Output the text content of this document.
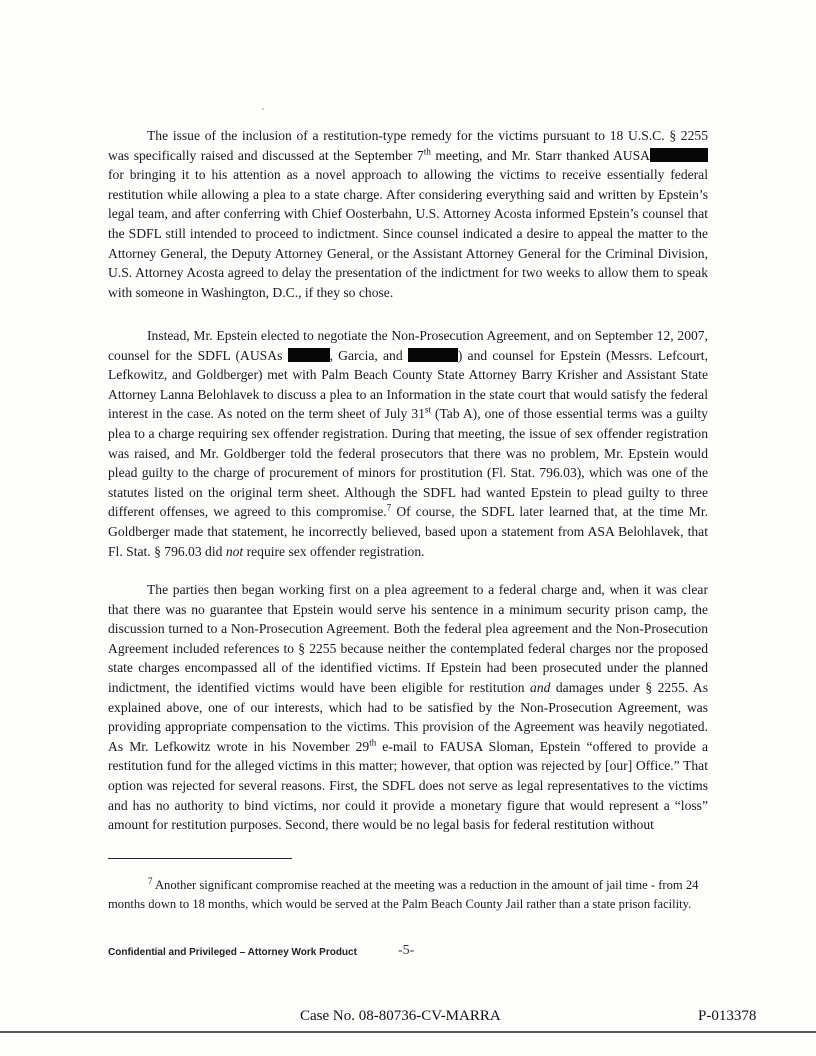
The issue of the inclusion of a restitution-type remedy for the victims pursuant to 18 U.S.C. § 2255 was specifically raised and discussed at the September 7th meeting, and Mr. Starr thanked AUSA for bringing it to his attention as a novel approach to allowing the victims to receive essentially federal restitution while allowing a plea to a state charge. After considering everything said and written by Epstein’s legal team, and after conferring with Chief Oosterbahn, U.S. Attorney Acosta informed Epstein’s counsel that the SDFL still intended to proceed to indictment. Since counsel indicated a desire to appeal the matter to the Attorney General, the Deputy Attorney General, or the Assistant Attorney General for the Criminal Division, U.S. Attorney Acosta agreed to delay the presentation of the indictment for two weeks to allow them to speak with someone in Washington, D.C., if they so chose.

Instead, Mr. Epstein elected to negotiate the Non-Prosecution Agreement, and on September 12, 2007, counsel for the SDFL (AUSAs	, Garcia, and	) and counsel for Epstein (Messrs. Lefcourt, Lefkowitz, and Goldberger) met with Palm Beach County State Attorney Barry Krisher and Assistant State Attorney Lanna Belohlavek to discuss a plea to an Information in the state court that would satisfy the federal interest in the case. As noted on the term sheet of July 31st (Tab A), one of those essential terms was a guilty plea to a charge requiring sex offender registration. During that meeting, the issue of sex offender registration was raised, and Mr. Goldberger told the federal prosecutors that there was no problem, Mr. Epstein would plead guilty to the charge of procurement of minors for prostitution (Fl. Stat. 796.03), which was one of the statutes listed on the original term sheet. Although the SDFL had wanted Epstein to plead guilty to three different offenses, we agreed to this compromise.$^7$ Of course, the SDFL later learned that, at the time Mr. Goldberger made that statement, he incorrectly believed, based upon a statement from ASA Belohlavek, that Fl. Stat. § 796.03 did not require sex offender registration.

The parties then began working first on a plea agreement to a federal charge and, when it was clear that there was no guarantee that Epstein would serve his sentence in a minimum security prison camp, the discussion turned to a Non-Prosecution Agreement. Both the federal plea agreement and the Non-Prosecution Agreement included references to § 2255 because neither the contemplated federal charges nor the proposed state charges encompassed all of the identified victims. If Epstein had been prosecuted under the planned indictment, the identified victims would have been eligible for restitution and damages under § 2255. As explained above, one of our interests, which had to be satisfied by the Non-Prosecution Agreement, was providing appropriate compensation to the victims. This provision of the Agreement was heavily negotiated. As Mr. Lefkowitz wrote in his November 29th e-mail to FAUSA Sloman, Epstein “offered to provide a restitution fund for the alleged victims in this matter; however, that option was rejected by [our] Office.” That option was rejected for several reasons. First, the SDFL does not serve as legal representatives to the victims and has no authority to bind victims, nor could it provide a monetary figure that would represent a “loss” amount for restitution purposes. Second, there would be no legal basis for federal restitution without

$^7$ Another significant compromise reached at the meeting was a reduction in the amount of jail time - from 24 months down to 18 months, which would be served at the Palm Beach County Jail rather than a state prison facility.

Confidential and Privileged – Attorney Work Product	-5-
Case No. 08-80736-CV-MARRA	P-013378
